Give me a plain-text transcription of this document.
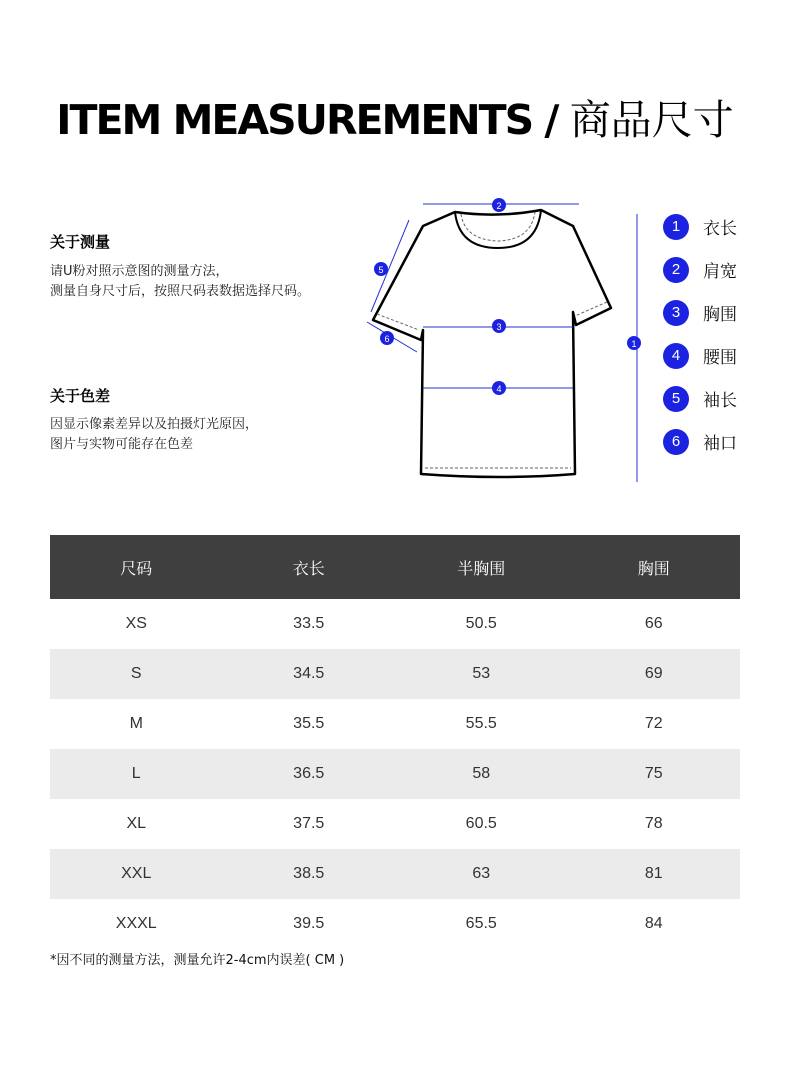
ITEM MEASUREMENTS / 商品尺寸
关于测量
请U粉对照示意图的测量方法，
测量自身尺寸后，按照尺码表数据选择尺码。
关于色差
因显示像素差异以及拍摄灯光原因，
图片与实物可能存在色差
2
1
5
6
3
4
1	衣长
2	肩宽
3	胸围
4	腰围
5	袖长
6	袖口
尺码	衣长	半胸围	胸围
XS	33.5	50.5	66
S	34.5	53	69
M	35.5	55.5	72
L	36.5	58	75
XL	37.5	60.5	78
XXL	38.5	63	81
XXXL	39.5	65.5	84
*因不同的测量方法，测量允许2-4cm内误差( CM )
